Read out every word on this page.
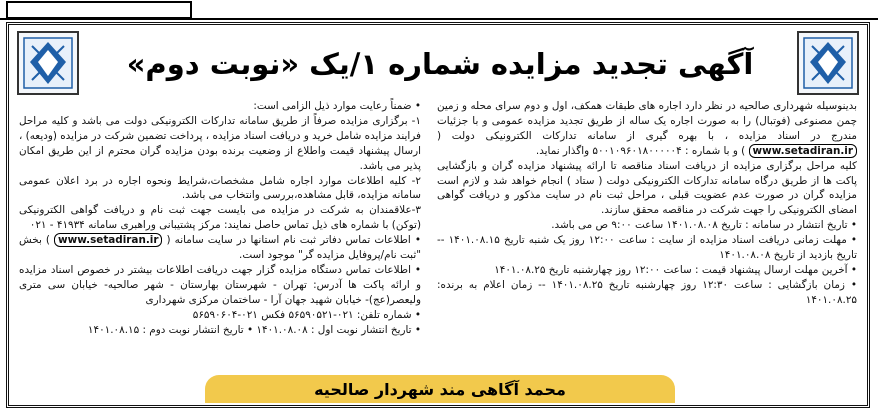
آگهی تجدید مزایده شماره ۱/یک «نوبت دوم»

بدینوسیله شهرداری صالحیه در نظر دارد اجاره های طبقات همکف، اول و دوم سرای محله و زمین چمن مصنوعی (فوتبال) را به صورت اجاره یک ساله از طریق تجدید مزایده عمومی و با جزئیات مندرج در اسناد مزایده ، با بهره گیری از سامانه تدارکات الکترونیکی دولت ( www.setadiran.ir ) و با شماره : ۵۰۰۱۰۹۶۰۱۸۰۰۰۰۰۴ واگذار نماید.

کلیه مراحل برگزاری مزایده از دریافت اسناد مناقصه تا ارائه پیشنهاد مزایده گران و بازگشایی پاکت ها از طریق درگاه سامانه تدارکات الکترونیکی دولت ( ستاد ) انجام خواهد شد و لازم است مزایده گران در صورت عدم عضویت قبلی ، مراحل ثبت نام در سایت مذکور و دریافت گواهی امضای الکترونیکی را جهت شرکت در مناقصه محقق سازند.

• تاریخ انتشار در سامانه : تاریخ ۱۴۰۱.۰۸.۰۸ ساعت ۹:۰۰ ص می باشد.

• مهلت زمانی دریافت اسناد مزایده از سایت : ساعت ۱۲:۰۰ روز یک شنبه تاریخ ۱۴۰۱.۰۸.۱۵ -- تاریخ بازدید از تاریخ ۱۴۰۱.۰۸.۰۸

• آخرین مهلت ارسال پیشنهاد قیمت : ساعت ۱۲:۰۰ روز چهارشنبه تاریخ ۱۴۰۱.۰۸.۲۵

• زمان بازگشایی : ساعت ۱۲:۳۰ روز چهارشنبه تاریخ ۱۴۰۱.۰۸.۲۵ -- زمان اعلام به برنده: ۱۴۰۱.۰۸.۲۵

• ضمناً رعایت موارد ذیل الزامی است:

۱- برگزاری مزایده صرفاً از طریق سامانه تدارکات الکترونیکی دولت می باشد و کلیه مراحل فرایند مزایده شامل خرید و دریافت اسناد مزایده ، پرداخت تضمین شرکت در مزایده (ودیعه) ، ارسال پیشنهاد قیمت واطلاع از وضعیت برنده بودن مزایده گران محترم از این طریق امکان پذیر می باشد.

۲- کلیه اطلاعات موارد اجاره شامل مشخصات،شرایط ونحوه اجاره در برد اعلان عمومی سامانه مزایده، قابل مشاهده،بررسی وانتخاب می باشد.

۳-علاقمندان به شرکت در مزایده می بایست جهت ثبت نام و دریافت گواهی الکترونیکی (توکن) با شماره های ذیل تماس حاصل نمایند: مرکز پشتیبانی وراهبری سامانه ۴۱۹۳۴ - ۰۲۱

• اطلاعات تماس دفاتر ثبت نام استانها در سایت سامانه ( www.setadiran.ir ) بخش "ثبت نام/پروفایل مزایده گر" موجود است.

• اطلاعات تماس دستگاه مزایده گزار جهت دریافت اطلاعات بیشتر در خصوص اسناد مزایده و ارائه پاکت ها آدرس: تهران - شهرستان بهارستان - شهر صالحیه- خیابان سی متری ولیعصر(عج)- خیابان شهید جهان آرا - ساختمان مرکزی شهرداری

• شماره تلفن: ۰۲۱-۵۶۵۹۰۵۲۱ فکس ۰۲۱-۵۶۵۹۰۶۰۴

• تاریخ انتشار نوبت اول : ۱۴۰۱.۰۸.۰۸ • تاریخ انتشار نوبت دوم : ۱۴۰۱.۰۸.۱۵

محمد آگاهی مند شهردار صالحیه
